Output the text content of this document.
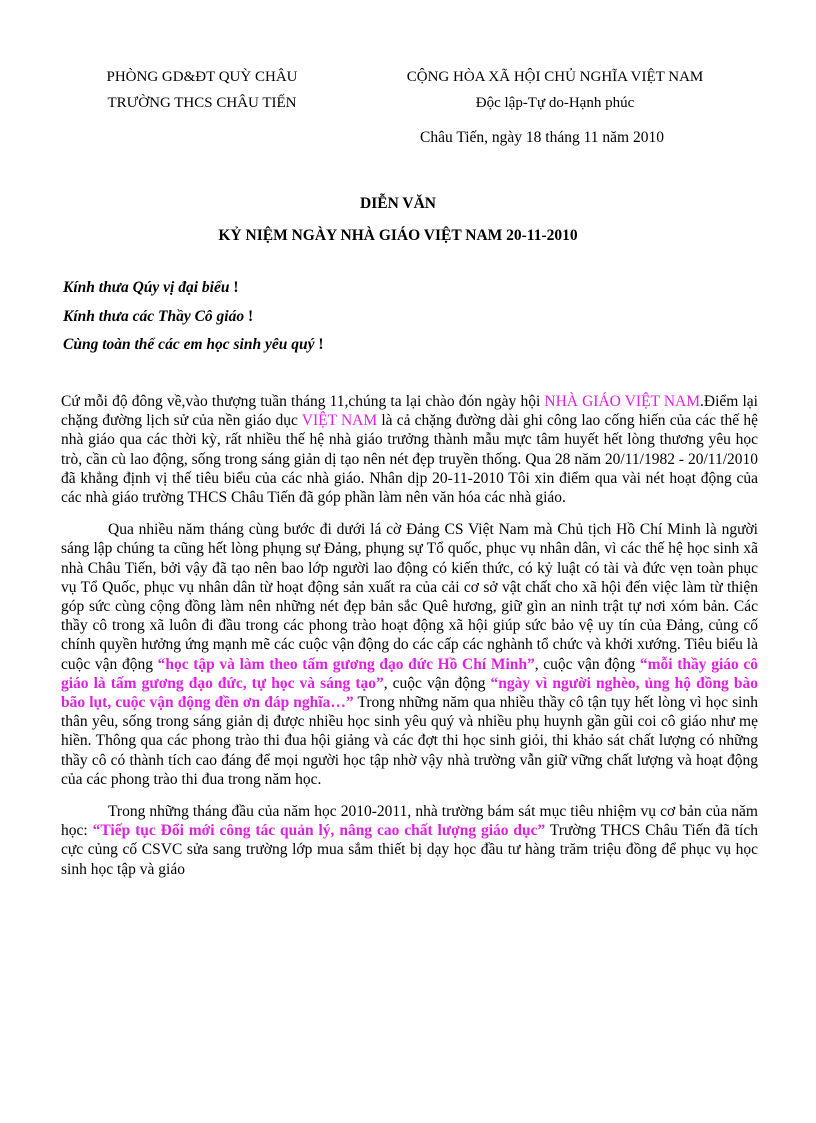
PHÒNG GD&ĐT QUỲ CHÂU
TRƯỜNG THCS CHÂU TIẾN
CỘNG HÒA XÃ HỘI CHỦ NGHĨA VIỆT NAM
Độc lập-Tự do-Hạnh phúc
Châu Tiến, ngày 18 tháng 11 năm 2010
DIỄN VĂN
KỶ NIỆM NGÀY NHÀ GIÁO VIỆT NAM 20-11-2010
Kính thưa Qúy vị đại biểu !
Kính thưa các Thầy Cô giáo !
Cùng toàn thể các em học sinh yêu quý !

Cứ mỗi độ đông về,vào thượng tuần tháng 11,chúng ta lại chào đón ngày hội NHÀ GIÁO VIỆT NAM.Điểm lại chặng đường lịch sử của nền giáo dục VIỆT NAM là cả chặng đường dài ghi công lao cống hiến của các thế hệ nhà giáo qua các thời kỳ, rất nhiều thế hệ nhà giáo trưởng thành mẫu mực tâm huyết hết lòng thương yêu học trò, cần cù lao động, sống trong sáng giản dị tạo nên nét đẹp truyền thống. Qua 28 năm 20/11/1982 - 20/11/2010 đã khẳng định vị thế tiêu biểu của các nhà giáo. Nhân dịp 20-11-2010 Tôi xin điểm qua vài nét hoạt động của các nhà giáo trường THCS Châu Tiến đã góp phần làm nên văn hóa các nhà giáo.

Qua nhiều năm tháng cùng bước đi dưới lá cờ Đảng CS Việt Nam mà Chủ tịch Hồ Chí Minh là người sáng lập chúng ta cũng hết lòng phụng sự Đảng, phụng sự Tổ quốc, phục vụ nhân dân, vì các thế hệ học sinh xã nhà Châu Tiến, bởi vậy đã tạo nên bao lớp người lao động có kiến thức, có kỷ luật có tài và đức vẹn toàn phục vụ Tổ Quốc, phục vụ nhân dân từ hoạt động sản xuất ra của cải cơ sở vật chất cho xã hội đến việc làm từ thiện góp sức cùng cộng đồng làm nên những nét đẹp bản sắc Quê hương, giữ gìn an ninh trật tự nơi xóm bản. Các thầy cô trong xã luôn đi đầu trong các phong trào hoạt động xã hội giúp sức bảo vệ uy tín của Đảng, củng cố chính quyền hưởng ứng mạnh mẽ các cuộc vận động do các cấp các nghành tổ chức và khởi xướng. Tiêu biểu là cuộc vận động “học tập và làm theo tấm gương đạo đức Hồ Chí Minh”, cuộc vận động “mỗi thầy giáo cô giáo là tấm gương đạo đức, tự học và sáng tạo”, cuộc vận động “ngày vì người nghèo, ủng hộ đồng bào bão lụt, cuộc vận động đền ơn đáp nghĩa…” Trong những năm qua nhiều thầy cô tận tụy hết lòng vì học sinh thân yêu, sống trong sáng giản dị được nhiều học sinh yêu quý và nhiều phụ huynh gần gũi coi cô giáo như mẹ hiền. Thông qua các phong trào thi đua hội giảng và các đợt thi học sinh giỏi, thi khảo sát chất lượng có những thầy cô có thành tích cao đáng để mọi người học tập nhờ vậy nhà trường vẫn giữ vững chất lượng và hoạt động của các phong trào thi đua trong năm học.

Trong những tháng đầu của năm học 2010-2011, nhà trường bám sát mục tiêu nhiệm vụ cơ bản của năm học: “Tiếp tục Đổi mới công tác quản lý, nâng cao chất lượng giáo dục” Trường THCS Châu Tiến đã tích cực củng cố CSVC sửa sang trường lớp mua sắm thiết bị dạy học đầu tư hàng trăm triệu đồng để phục vụ học sinh học tập và giáo
